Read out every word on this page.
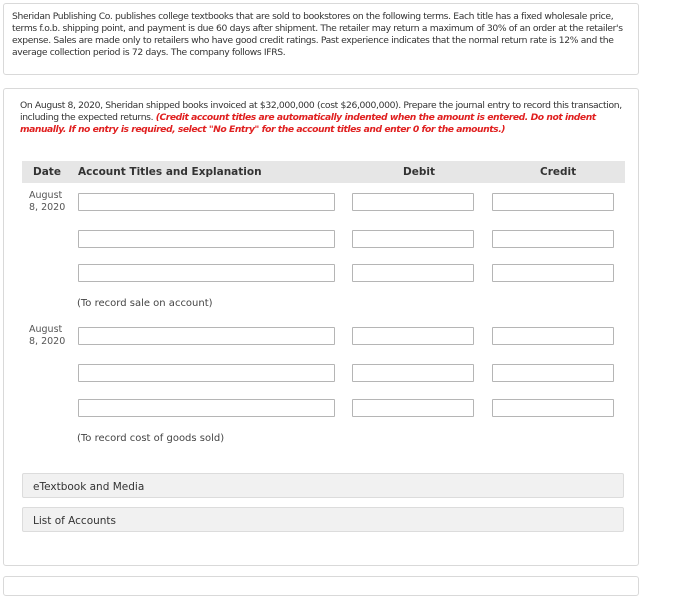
Sheridan Publishing Co. publishes college textbooks that are sold to bookstores on the following terms. Each title has a fixed wholesale price, terms f.o.b. shipping point, and payment is due 60 days after shipment. The retailer may return a maximum of 30% of an order at the retailer's expense. Sales are made only to retailers who have good credit ratings. Past experience indicates that the normal return rate is 12% and the average collection period is 72 days. The company follows IFRS.
On August 8, 2020, Sheridan shipped books invoiced at $32,000,000 (cost $26,000,000). Prepare the journal entry to record this transaction, including the expected returns. (Credit account titles are automatically indented when the amount is entered. Do not indent manually. If no entry is required, select "No Entry" for the account titles and enter 0 for the amounts.)
Date Account Titles and Explanation	Debit	Credit
August
8, 2020
(To record sale on account)
August
8, 2020
(To record cost of goods sold)
eTextbook and Media
List of Accounts
